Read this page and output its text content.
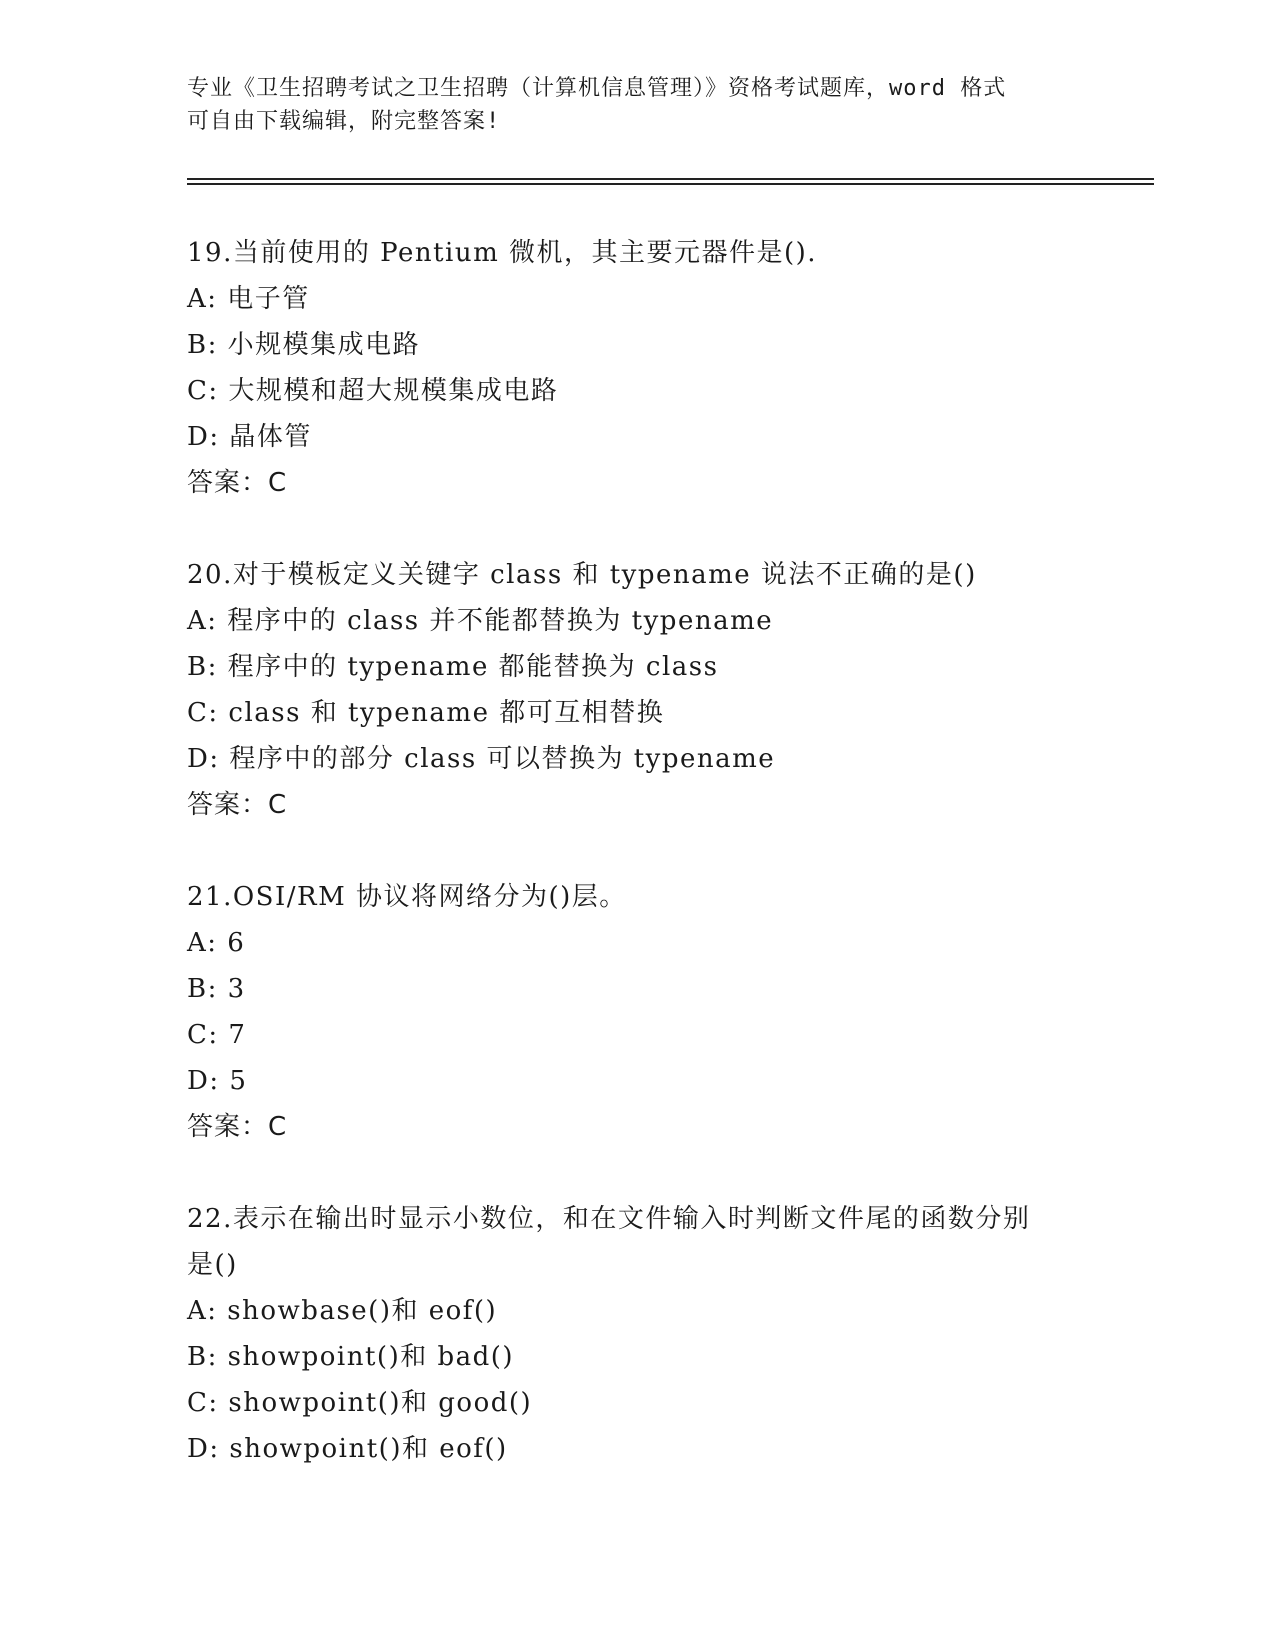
专业《卫生招聘考试之卫生招聘（计算机信息管理）》资格考试题库，word 格式
可自由下载编辑，附完整答案!
19.当前使用的 Pentium 微机，其主要元器件是().
A: 电子管
B: 小规模集成电路
C: 大规模和超大规模集成电路
D: 晶体管
答案：C
20.对于模板定义关键字 class 和 typename 说法不正确的是()
A: 程序中的 class 并不能都替换为 typename
B: 程序中的 typename 都能替换为 class
C: class 和 typename 都可互相替换
D: 程序中的部分 class 可以替换为 typename
答案：C
21.OSI/RM 协议将网络分为()层。
A: 6
B: 3
C: 7
D: 5
答案：C
22.表示在输出时显示小数位，和在文件输入时判断文件尾的函数分别
是()
A: showbase()和 eof()
B: showpoint()和 bad()
C: showpoint()和 good()
D: showpoint()和 eof()
